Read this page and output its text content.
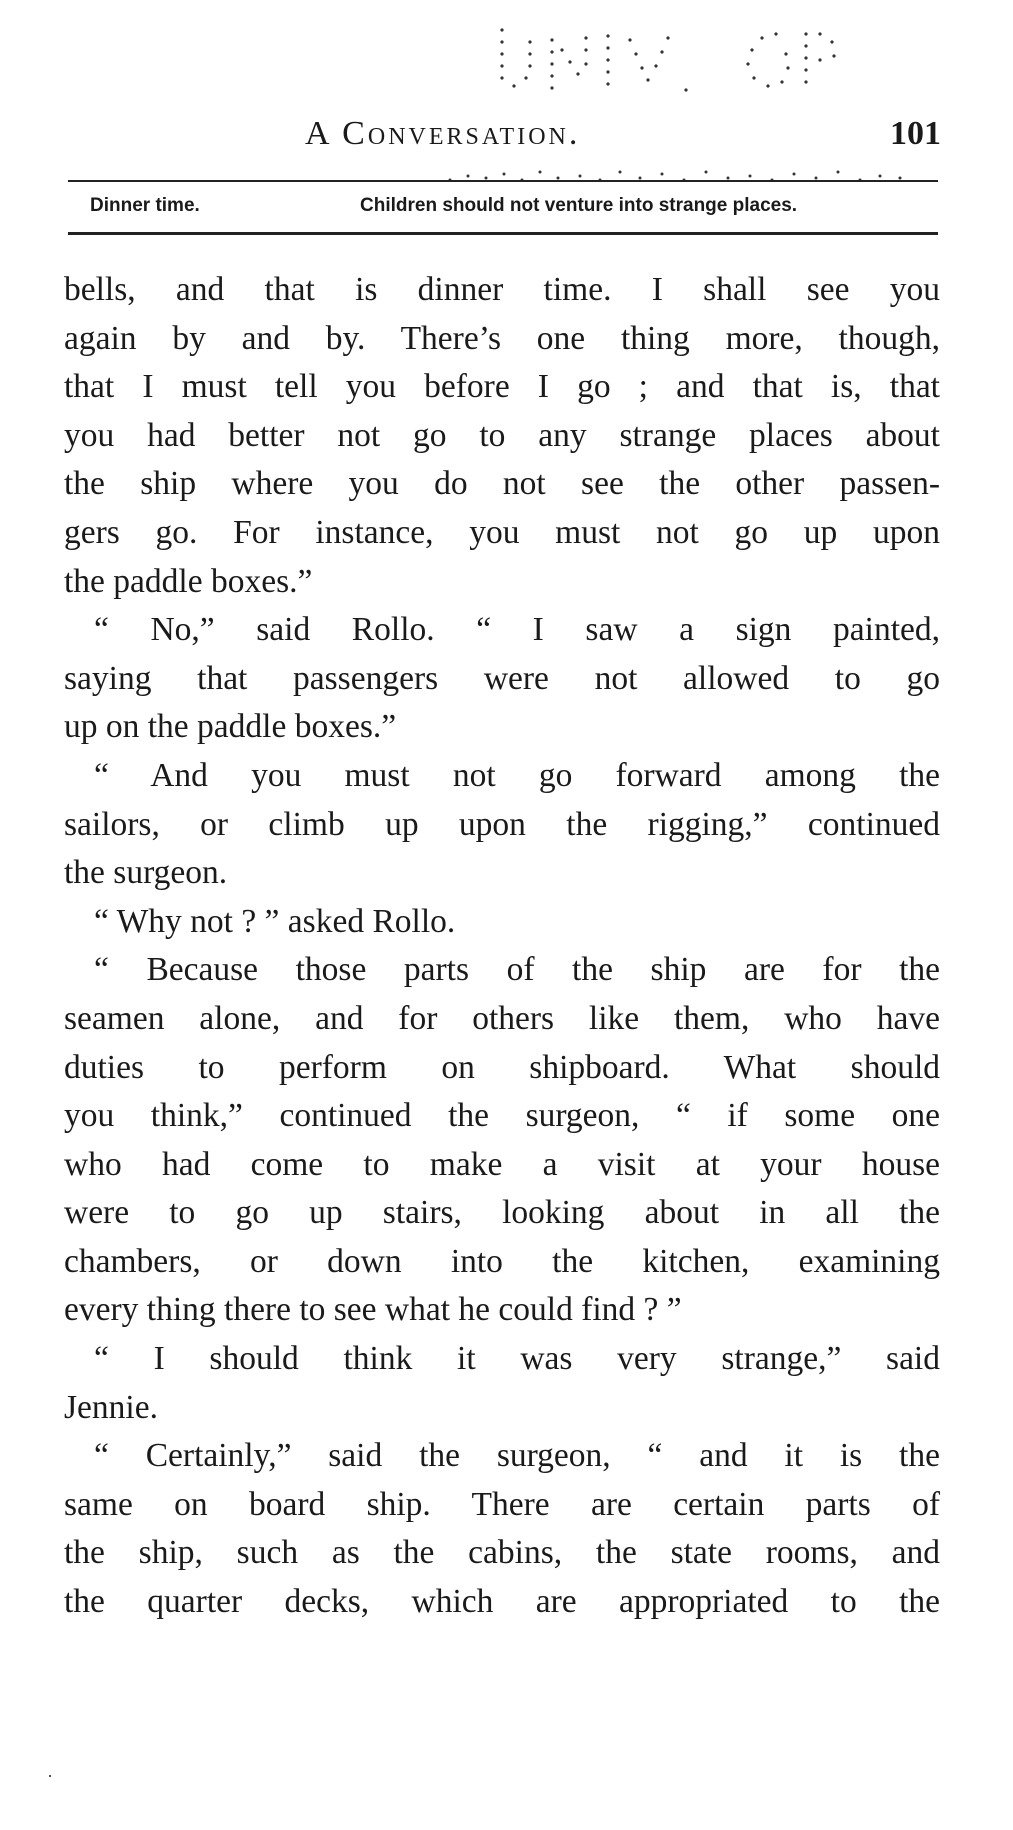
A Conversation.	101
Dinner time.	Children should not venture into strange places.
bells, and that is dinner time. I shall see you
again by and by. There’s one thing more, though,
that I must tell you before I go ; and that is, that
you had better not go to any strange places about
the ship where you do not see the other passen-
gers go. For instance, you must not go up upon
the paddle boxes.”
“ No,” said Rollo. “ I saw a sign painted,
saying that passengers were not allowed to go
up on the paddle boxes.”
“ And you must not go forward among the
sailors, or climb up upon the rigging,” continued
the surgeon.
“ Why not ? ” asked Rollo.
“ Because those parts of the ship are for the
seamen alone, and for others like them, who have
duties to perform on shipboard. What should
you think,” continued the surgeon, “ if some one
who had come to make a visit at your house
were to go up stairs, looking about in all the
chambers, or down into the kitchen, examining
every thing there to see what he could find ? ”
“ I should think it was very strange,” said
Jennie.
“ Certainly,” said the surgeon, “ and it is the
same on board ship. There are certain parts of
the ship, such as the cabins, the state rooms, and
the quarter decks, which are appropriated to the
